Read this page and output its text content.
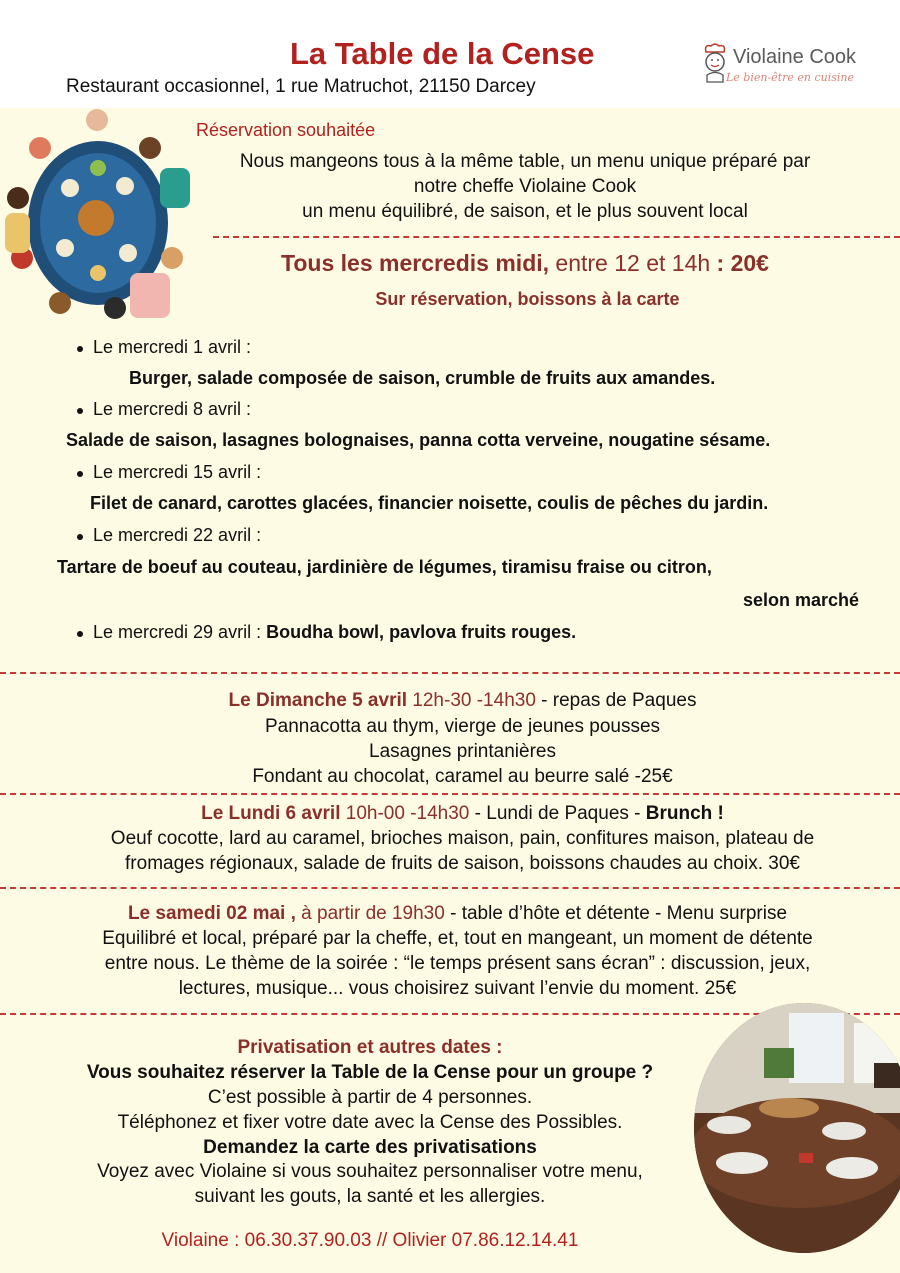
La Table de la Cense
Restaurant occasionnel, 1 rue Matruchot, 21150 Darcey
Violaine Cook
Le bien-être en cuisine
Réservation souhaitée
Nous mangeons tous à la même table, un menu unique préparé par
notre cheffe Violaine Cook
un menu équilibré, de saison, et le plus souvent local
Tous les mercredis midi, entre 12 et 14h : 20€
Sur réservation, boissons à la carte
Le mercredi 1 avril :
Burger, salade composée de saison, crumble de fruits aux amandes.
Le mercredi 8 avril :
Salade de saison, lasagnes bolognaises, panna cotta verveine, nougatine sésame.
Le mercredi 15 avril :
Filet de canard, carottes glacées, financier noisette, coulis de pêches du jardin.
Le mercredi 22 avril :
Tartare de boeuf au couteau, jardinière de légumes, tiramisu fraise ou citron,
selon marché
Le mercredi 29 avril : Boudha bowl, pavlova fruits rouges.
Le Dimanche 5 avril 12h-30 -14h30 - repas de Paques
Pannacotta au thym, vierge de jeunes pousses
Lasagnes printanières
Fondant au chocolat, caramel au beurre salé -25€
Le Lundi 6 avril 10h-00 -14h30 - Lundi de Paques - Brunch !
Oeuf cocotte, lard au caramel, brioches maison, pain, confitures maison, plateau de
fromages régionaux, salade de fruits de saison, boissons chaudes au choix. 30€
Le samedi 02 mai , à partir de 19h30 - table d’hôte et détente - Menu surprise
Equilibré et local, préparé par la cheffe, et, tout en mangeant, un moment de détente
entre nous. Le thème de la soirée : “le temps présent sans écran” : discussion, jeux,
lectures, musique... vous choisirez suivant l’envie du moment. 25€
Privatisation et autres dates :
Vous souhaitez réserver la Table de la Cense pour un groupe ?
C’est possible à partir de 4 personnes.
Téléphonez et fixer votre date avec la Cense des Possibles.
Demandez la carte des privatisations
Voyez avec Violaine si vous souhaitez personnaliser votre menu,
suivant les gouts, la santé et les allergies.
Violaine : 06.30.37.90.03 // Olivier 07.86.12.14.41
